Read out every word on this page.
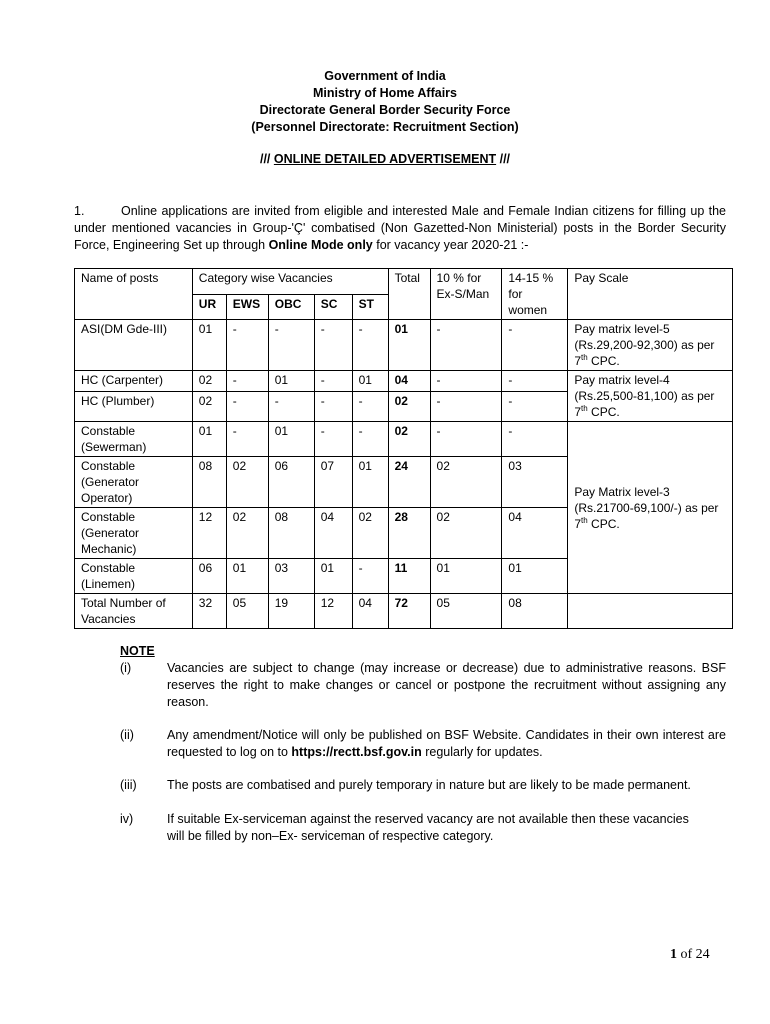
Government of India
Ministry of Home Affairs
Directorate General Border Security Force
(Personnel Directorate: Recruitment Section)
/// ONLINE DETAILED ADVERTISEMENT ///
1.	Online applications are invited from eligible and interested Male and Female Indian citizens for filling up the under mentioned vacancies in Group-'Ç' combatised (Non Gazetted-Non Ministerial) posts in the Border Security Force, Engineering Set up through Online Mode only for vacancy year 2020-21 :-
Name of posts	Category wise Vacancies					Total	10 % for Ex-S/Man	14-15 % for women	Pay Scale
	UR	EWS	OBC	SC	ST				
ASI(DM Gde-III)	01	-	-	-	-	01	-	-	Pay matrix level-5 (Rs.29,200-92,300) as per 7th CPC.
HC (Carpenter)	02	-	01	-	01	04	-	-	Pay matrix level-4 (Rs.25,500-81,100) as per 7th CPC.
HC (Plumber)	02	-	-	-	-	02	-	-	
Constable (Sewerman)	01	-	01	-	-	02	-	-	Pay Matrix level-3 (Rs.21700-69,100/-) as per 7th CPC.
Constable (Generator Operator)	08	02	06	07	01	24	02	03	
Constable (Generator Mechanic)	12	02	08	04	02	28	02	04	
Constable (Linemen)	06	01	03	01	-	11	01	01	
Total Number of Vacancies	32	05	19	12	04	72	05	08	
NOTE
(i)	Vacancies are subject to change (may increase or decrease) due to administrative reasons. BSF reserves the right to make changes or cancel or postpone the recruitment without assigning any reason.
(ii)	Any amendment/Notice will only be published on BSF Website. Candidates in their own interest are requested to log on to https://rectt.bsf.gov.in regularly for updates.
(iii) The posts are combatised and purely temporary in nature but are likely to be made permanent.
iv)	If suitable Ex-serviceman against the reserved vacancy are not available then these vacancies will be filled by non–Ex- serviceman of respective category.
1 of 24
